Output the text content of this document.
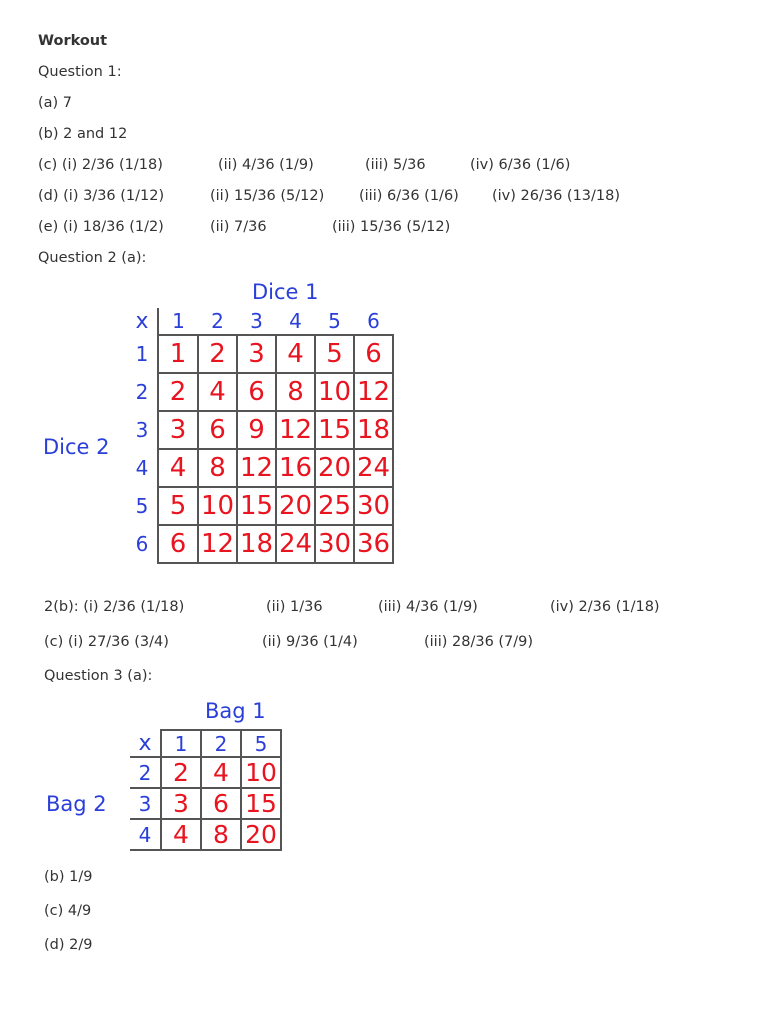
Workout
Question 1:
(a) 7
(b) 2 and 12
(c) (i) 2/36 (1/18)	(ii) 4/36 (1/9)	(iii) 5/36	(iv) 6/36 (1/6)
(d) (i) 3/36 (1/12)	(ii) 15/36 (5/12) (iii) 6/36 (1/6) (iv) 26/36 (13/18)
(e) (i) 18/36 (1/2)	(ii) 7/36	(iii) 15/36 (5/12)
Question 2 (a):
Dice 1
Dice 2
x	1	2	3	4	5	6
1	1	2	3	4	5	6
2	2	4	6	8	10	12
3	3	6	9	12	15	18
4	4	8	12	16	20	24
5	5	10	15	20	25	30
6	6	12	18	24	30	36
2(b): (i) 2/36 (1/18)	(ii) 1/36	(iii) 4/36 (1/9)	(iv) 2/36 (1/18)
(c) (i) 27/36 (3/4)	(ii) 9/36 (1/4)	(iii) 28/36 (7/9)
Question 3 (a):
Bag 1
Bag 2
x	1	2	5
2	2	4	10
3	3	6	15
4	4	8	20
(b) 1/9
(c) 4/9
(d) 2/9
